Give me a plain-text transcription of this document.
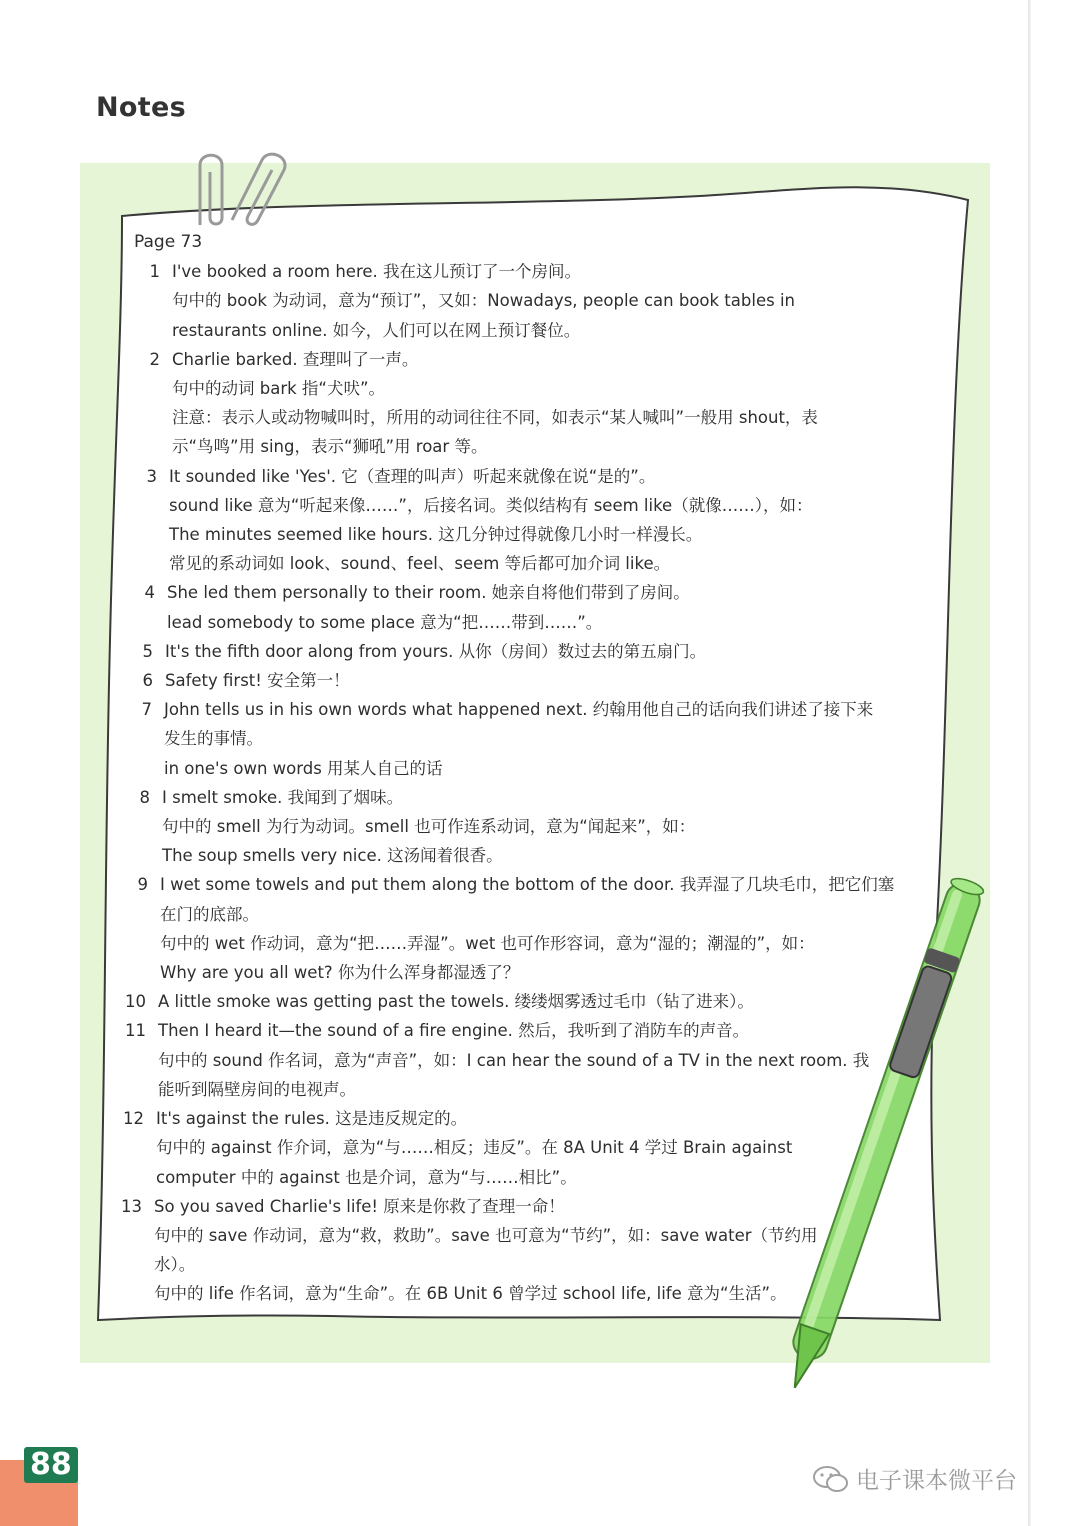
Notes
Page 73
1 I've booked a room here. 我在这儿预订了一个房间。
句中的 book 为动词，意为“预订”，又如：Nowadays, people can book tables in
restaurants online. 如今，人们可以在网上预订餐位。
2 Charlie barked. 查理叫了一声。
句中的动词 bark 指“犬吠”。
注意：表示人或动物喊叫时，所用的动词往往不同，如表示“某人喊叫”一般用 shout，表
示“鸟鸣”用 sing，表示“狮吼”用 roar 等。
3 It sounded like 'Yes'. 它（查理的叫声）听起来就像在说“是的”。
sound like 意为“听起来像……”，后接名词。类似结构有 seem like（就像……），如：
The minutes seemed like hours. 这几分钟过得就像几小时一样漫长。
常见的系动词如 look、sound、feel、seem 等后都可加介词 like。
4 She led them personally to their room. 她亲自将他们带到了房间。
lead somebody to some place 意为“把……带到……”。
5 It's the fifth door along from yours. 从你（房间）数过去的第五扇门。
6 Safety first! 安全第一！
7 John tells us in his own words what happened next. 约翰用他自己的话向我们讲述了接下来
发生的事情。
in one's own words 用某人自己的话
8 I smelt smoke. 我闻到了烟味。
句中的 smell 为行为动词。smell 也可作连系动词，意为“闻起来”，如：
The soup smells very nice. 这汤闻着很香。
9 I wet some towels and put them along the bottom of the door. 我弄湿了几块毛巾，把它们塞
在门的底部。
句中的 wet 作动词，意为“把……弄湿”。wet 也可作形容词，意为“湿的；潮湿的”，如：
Why are you all wet? 你为什么浑身都湿透了？
10 A little smoke was getting past the towels. 缕缕烟雾透过毛巾（钻了进来）。
11 Then I heard it—the sound of a fire engine. 然后，我听到了消防车的声音。
句中的 sound 作名词，意为“声音”，如：I can hear the sound of a TV in the next room. 我
能听到隔壁房间的电视声。
12 It's against the rules. 这是违反规定的。
句中的 against 作介词，意为“与……相反；违反”。在 8A Unit 4 学过 Brain against
computer 中的 against 也是介词，意为“与……相比”。
13 So you saved Charlie's life! 原来是你救了查理一命！
句中的 save 作动词，意为“救，救助”。save 也可意为“节约”，如：save water（节约用
水）。
句中的 life 作名词，意为“生命”。在 6B Unit 6 曾学过 school life, life 意为“生活”。
88	电子课本微平台
